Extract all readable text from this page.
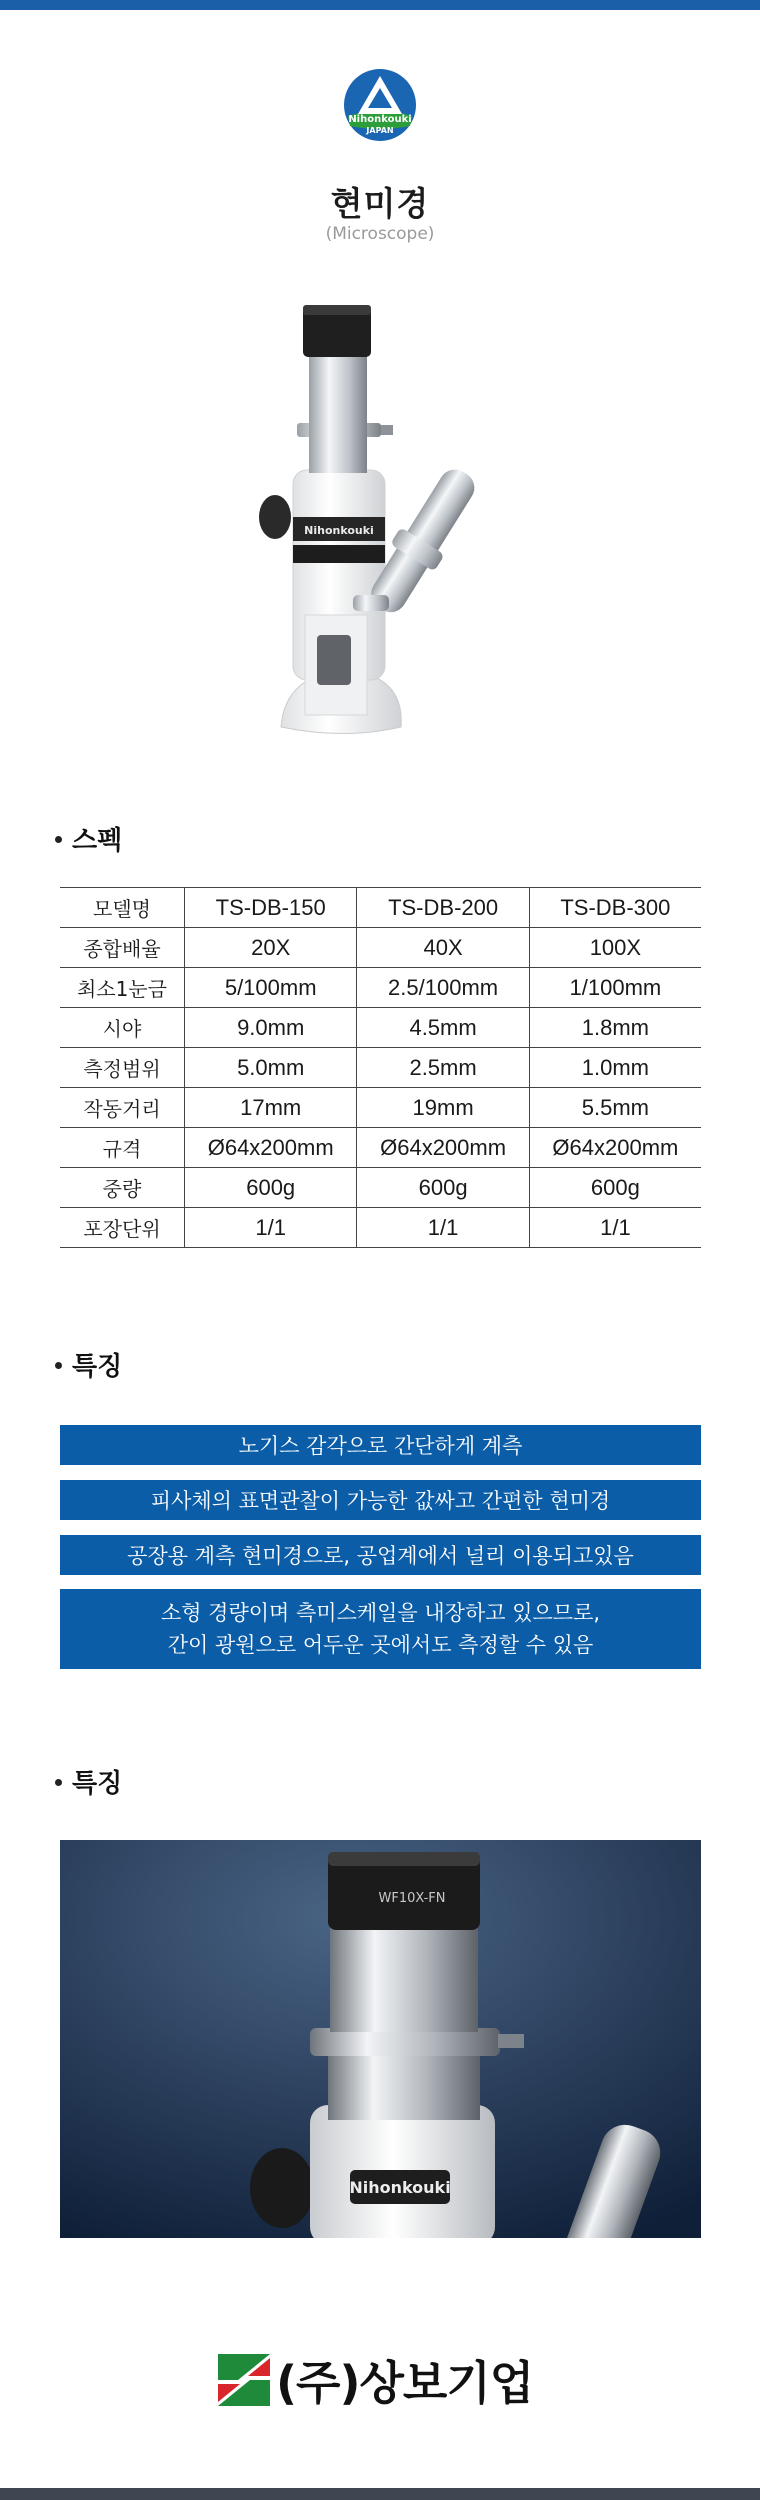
Nihonkouki
JAPAN
현미경
(Microscope)
Nihonkouki
스펙
모델명	TS-DB-150	TS-DB-200	TS-DB-300
종합배율	20X	40X	100X
최소1눈금	5/100mm	2.5/100mm	1/100mm
시야	9.0mm	4.5mm	1.8mm
측정범위	5.0mm	2.5mm	1.0mm
작동거리	17mm	19mm	5.5mm
규격	Ø64x200mm	Ø64x200mm	Ø64x200mm
중량	600g	600g	600g
포장단위	1/1	1/1	1/1
특징
노기스 감각으로 간단하게 계측
피사체의 표면관찰이 가능한 값싸고 간편한 현미경
공장용 계측 현미경으로, 공업계에서 널리 이용되고있음
소형 경량이며 측미스케일을 내장하고 있으므로,
간이 광원으로 어두운 곳에서도 측정할 수 있음
특징
Nihonkouki
WF10X-FN
(주)상보기업
